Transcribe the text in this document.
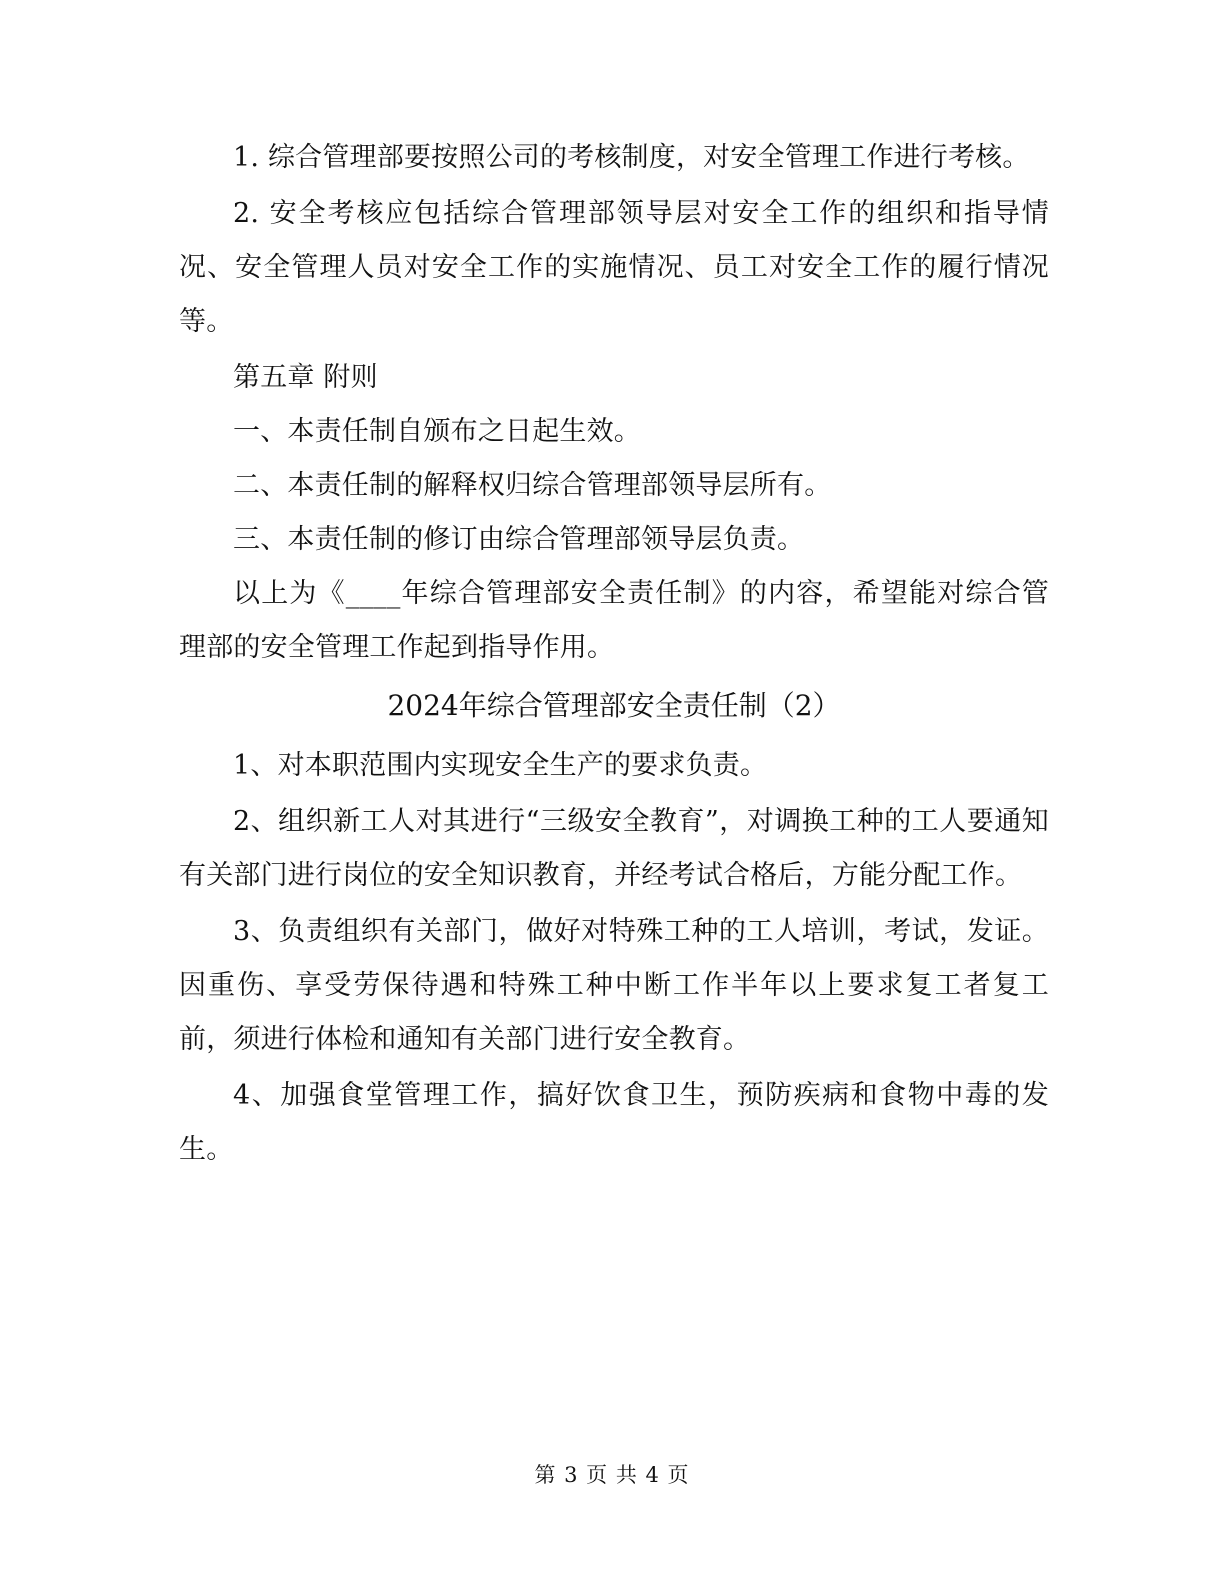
1. 综合管理部要按照公司的考核制度，对安全管理工作进行考核。

2. 安全考核应包括综合管理部领导层对安全工作的组织和指导情况、安全管理人员对安全工作的实施情况、员工对安全工作的履行情况等。

第五章 附则

一、本责任制自颁布之日起生效。

二、本责任制的解释权归综合管理部领导层所有。

三、本责任制的修订由综合管理部领导层负责。

以上为《____年综合管理部安全责任制》的内容，希望能对综合管理部的安全管理工作起到指导作用。

2024年综合管理部安全责任制（2）

1、对本职范围内实现安全生产的要求负责。

2、组织新工人对其进行“三级安全教育”，对调换工种的工人要通知有关部门进行岗位的安全知识教育，并经考试合格后，方能分配工作。

3、负责组织有关部门，做好对特殊工种的工人培训，考试，发证。因重伤、享受劳保待遇和特殊工种中断工作半年以上要求复工者复工前，须进行体检和通知有关部门进行安全教育。

4、加强食堂管理工作，搞好饮食卫生，预防疾病和食物中毒的发生。

第 3 页 共 4 页
